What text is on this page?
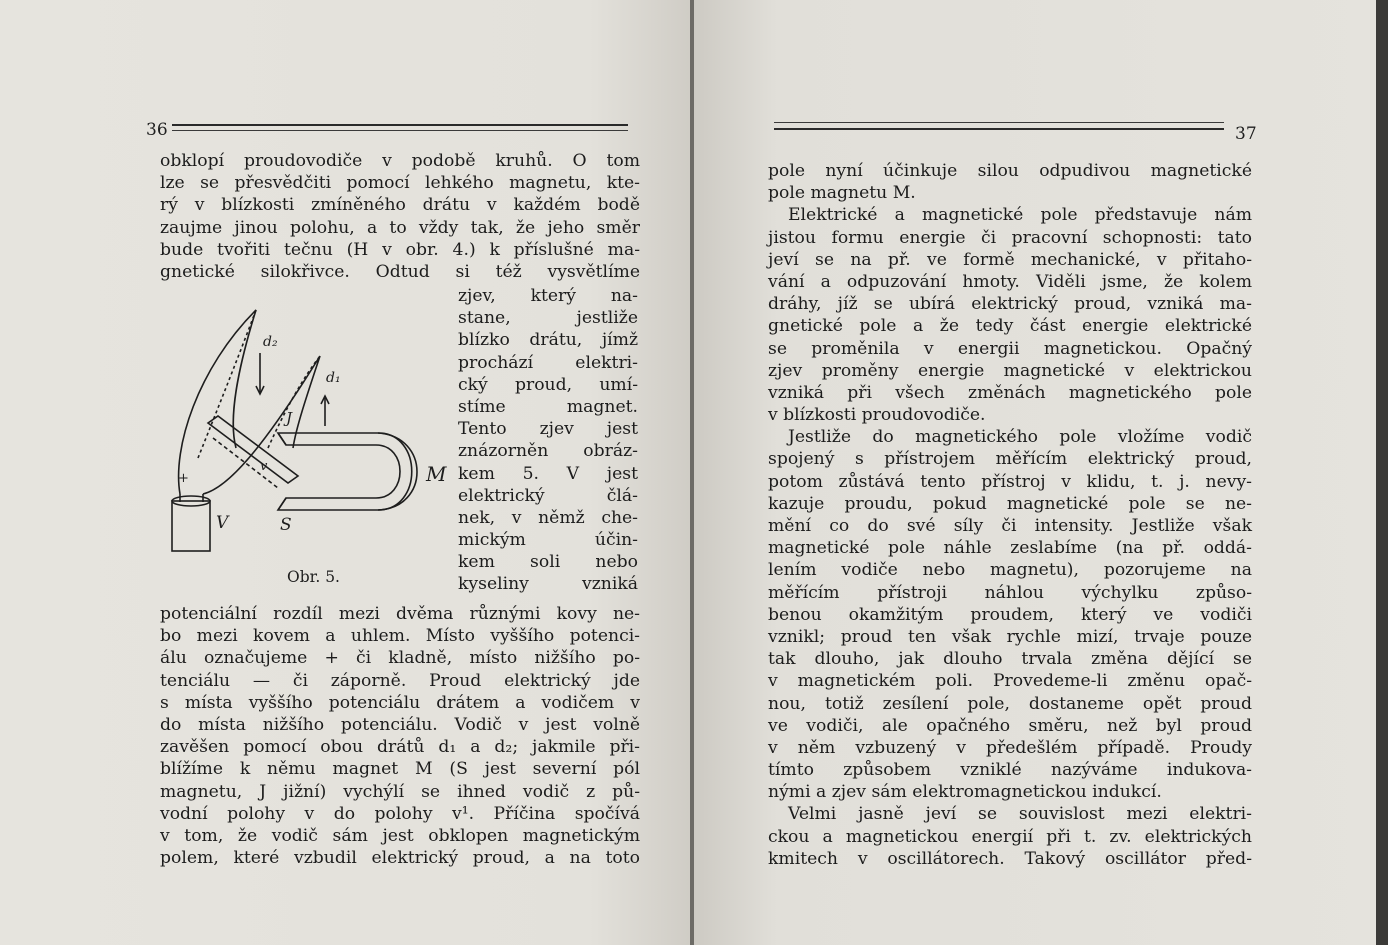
36
obklopí proudovodiče v podobě kruhů. O tom
lze se přesvědčiti pomocí lehkého magnetu, kte-
rý v blízkosti zmíněného drátu v každém bodě
zaujme jinou polohu, a to vždy tak, že jeho směr
bude tvořiti tečnu (H v obr. 4.) k příslušné ma-
gnetické silokřivce. Odtud si též vysvětlíme
zjev, který na-
stane, jestliže
blízko drátu, jímž
prochází elektri-
cký proud, umí-
stíme magnet.
Tento zjev jest
znázorněn obráz-
kem 5. V jest
elektrický člá-
nek, v němž che-
mickým účin-
kem soli nebo
kyseliny vzniká
d₂
d₁
J
S
M
V
v
+
Obr. 5.
potenciální rozdíl mezi dvěma různými kovy ne-
bo mezi kovem a uhlem. Místo vyššího potenci-
álu označujeme + či kladně, místo nižšího po-
tenciálu — či záporně. Proud elektrický jde
s místa vyššího potenciálu drátem a vodičem v
do místa nižšího potenciálu. Vodič v jest volně
zavěšen pomocí obou drátů d₁ a d₂; jakmile při-
blížíme k němu magnet M (S jest severní pól
magnetu, J jižní) vychýlí se ihned vodič z pů-
vodní polohy v do polohy v¹. Příčina spočívá
v tom, že vodič sám jest obklopen magnetickým
polem, které vzbudil elektrický proud, a na toto
37
pole nyní účinkuje silou odpudivou magnetické
pole magnetu M.
Elektrické a magnetické pole představuje nám
jistou formu energie či pracovní schopnosti: tato
jeví se na př. ve formě mechanické, v přitaho-
vání a odpuzování hmoty. Viděli jsme, že kolem
dráhy, jíž se ubírá elektrický proud, vzniká ma-
gnetické pole a že tedy část energie elektrické
se proměnila v energii magnetickou. Opačný
zjev proměny energie magnetické v elektrickou
vzniká při všech změnách magnetického pole
v blízkosti proudovodiče.
Jestliže do magnetického pole vložíme vodič
spojený s přístrojem měřícím elektrický proud,
potom zůstává tento přístroj v klidu, t. j. nevy-
kazuje proudu, pokud magnetické pole se ne-
mění co do své síly či intensity. Jestliže však
magnetické pole náhle zeslabíme (na př. oddá-
lením vodiče nebo magnetu), pozorujeme na
měřícím přístroji náhlou výchylku způso-
benou okamžitým proudem, který ve vodiči
vznikl; proud ten však rychle mizí, trvaje pouze
tak dlouho, jak dlouho trvala změna dějící se
v magnetickém poli. Provedeme-li změnu opač-
nou, totiž zesílení pole, dostaneme opět proud
ve vodiči, ale opačného směru, než byl proud
v něm vzbuzený v předešlém případě. Proudy
tímto způsobem vzniklé nazýváme indukova-
nými a zjev sám elektromagnetickou indukcí.
Velmi jasně jeví se souvislost mezi elektri-
ckou a magnetickou energií při t. zv. elektrických
kmitech v oscillátorech. Takový oscillátor před-
